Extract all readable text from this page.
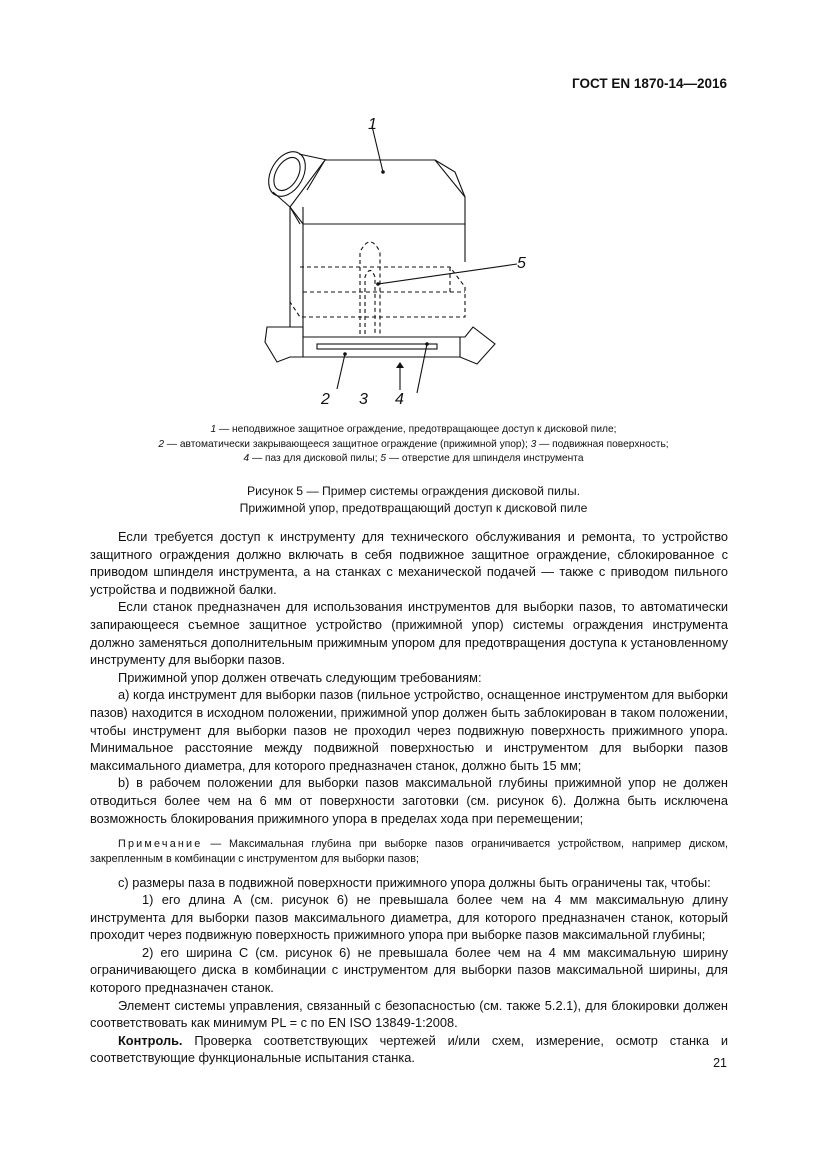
ГОСТ EN 1870-14—2016
1
5
2 3 4
1 — неподвижное защитное ограждение, предотвращающее доступ к дисковой пиле;
2 — автоматически закрывающееся защитное ограждение (прижимной упор); 3 — подвижная поверхность;
4 — паз для дисковой пилы; 5 — отверстие для шпинделя инструмента
Рисунок 5 — Пример системы ограждения дисковой пилы.
Прижимной упор, предотвращающий доступ к дисковой пиле

Если требуется доступ к инструменту для технического обслуживания и ремонта, то устройство защитного ограждения должно включать в себя подвижное защитное ограждение, сблокированное с приводом шпинделя инструмента, а на станках с механической подачей — также с приводом пильного устройства и подвижной балки.

Если станок предназначен для использования инструментов для выборки пазов, то автоматически запирающееся съемное защитное устройство (прижимной упор) системы ограждения инструмента должно заменяться дополнительным прижимным упором для предотвращения доступа к установленному инструменту для выборки пазов.

Прижимной упор должен отвечать следующим требованиям:

а) когда инструмент для выборки пазов (пильное устройство, оснащенное инструментом для выборки пазов) находится в исходном положении, прижимной упор должен быть заблокирован в таком положении, чтобы инструмент для выборки пазов не проходил через подвижную поверхность прижимного упора. Минимальное расстояние между подвижной поверхностью и инструментом для выборки пазов максимального диаметра, для которого предназначен станок, должно быть 15 мм;

b) в рабочем положении для выборки пазов максимальной глубины прижимной упор не должен отводиться более чем на 6 мм от поверхности заготовки (см. рисунок 6). Должна быть исключена возможность блокирования прижимного упора в пределах хода при перемещении;

Примечание — Максимальная глубина при выборке пазов ограничивается устройством, например диском, закрепленным в комбинации с инструментом для выборки пазов;

с) размеры паза в подвижной поверхности прижимного упора должны быть ограничены так, чтобы:

1) его длина А (см. рисунок 6) не превышала более чем на 4 мм максимальную длину инструмента для выборки пазов максимального диаметра, для которого предназначен станок, который проходит через подвижную поверхность прижимного упора при выборке пазов максимальной глубины;

2) его ширина С (см. рисунок 6) не превышала более чем на 4 мм максимальную ширину ограничивающего диска в комбинации с инструментом для выборки пазов максимальной ширины, для которого предназначен станок.

Элемент системы управления, связанный с безопасностью (см. также 5.2.1), для блокировки должен соответствовать как минимум PL = с по EN ISO 13849-1:2008.

Контроль. Проверка соответствующих чертежей и/или схем, измерение, осмотр станка и соответствующие функциональные испытания станка.	21
